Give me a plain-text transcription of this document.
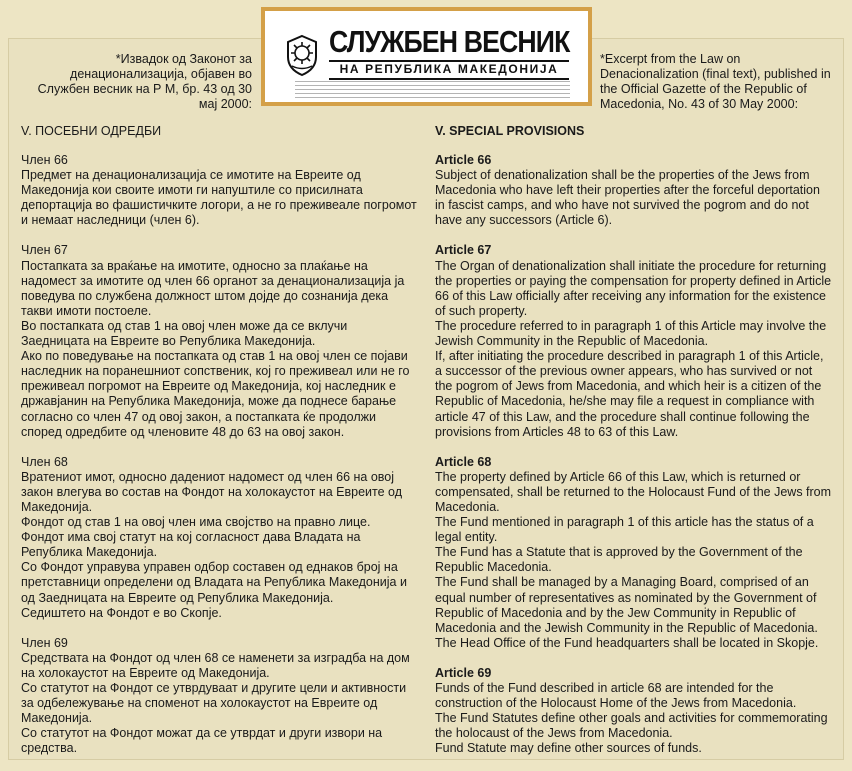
СЛУЖБЕН ВЕСНИК
НА РЕПУБЛИКА МАКЕДОНИЈА
*Извадок од Законот за денационализација, објавен во Службен весник на Р М, бр. 43 од 30 мај 2000:
*Excerpt from the Law on Denacionalization (final text), published in the Official Gazette of the Republic of Macedonia, No. 43 of 30 May 2000:
V. ПОСЕБНИ ОДРЕДБИ
Член 66
Предмет на денационализација се имотите на Евреите од Македонија кои своите имоти ги напуштиле со присилната депортација во фашистичките логори, а не го преживеале погромот и немаат наследници (член 6).
Член 67
Постапката за враќање на имотите, односно за плаќање на надомест за имотите од член 66 органот за денационализација ја поведува по службена должност штом дојде до сознанија дека такви имоти постоеле.
Во постапката од став 1 на овој член може да се вклучи Заедницата на Евреите во Република Македонија.
Ако по поведување на постапката од став 1 на овој член се појави наследник на поранешниот сопственик, кој го преживеал или не го преживеал погромот на Евреите од Македонија, кој наследник е државјанин на Република Македонија, може да поднесе барање согласно со член 47 од овој закон, а постапката ќе продолжи според одредбите од членовите 48 до 63 на овој закон.
Член 68
Вратениот имот, односно дадениот надомест од член 66 на овој закон влегува во состав на Фондот на холокаустот на Евреите од Македонија.
Фондот од став 1 на овој член има својство на правно лице.
Фондот има свој статут на кој согласност дава Владата на Република Македонија.
Со Фондот управува управен одбор составен од еднаков број на претставници определени од Владата на Република Македонија и од Заедницата на Евреите од Република Македонија.
Седиштето на Фондот е во Скопје.
Член 69
Средствата на Фондот од член 68 се наменети за изградба на дом на холокаустот на Евреите од Македонија.
Со статутот на Фондот се утврдуваат и другите цели и активности за одбележување на споменот на холокаустот на Евреите од Македонија.
Со статутот на Фондот можат да се утврдат и други извори на средства.
V. SPECIAL PROVISIONS
Article 66
Subject of denationalization shall be the properties of the Jews from Macedonia who have left their properties after the forceful deportation in fascist camps, and who have not survived the pogrom and do not have any successors (Article 6).
Article 67
The Organ of denationalization shall initiate the procedure for returning the properties or paying the compensation for property defined in Article 66 of this Law officially after receiving any information for the existence of such property.
The procedure referred to in paragraph 1 of this Article may involve the Jewish Community in the Republic of Macedonia.
If, after initiating the procedure described in paragraph 1 of this Article, a successor of the previous owner appears, who has survived or not the pogrom of Jews from Macedonia, and which heir is a citizen of the Republic of Macedonia, he/she may file a request in compliance with article 47 of this Law, and the procedure shall continue following the provisions from Articles 48 to 63 of this Law.
Article 68
The property defined by Article 66 of this Law, which is returned or compensated, shall be returned to the Holocaust Fund of the Jews from Macedonia.
The Fund mentioned in paragraph 1 of this article has the status of a legal entity.
The Fund has a Statute that is approved by the Government of the Republic Macedonia.
The Fund shall be managed by a Managing Board, comprised of an equal number of representatives as nominated by the Government of Republic of Macedonia and by the Jew Community in Republic of Macedonia and the Jewish Community in the Republic of Macedonia.
The Head Office of the Fund headquarters shall be located in Skopje.
Article 69
Funds of the Fund described in article 68 are intended for the construction of the Holocaust Home of the Jews from Macedonia.
The Fund Statutes define other goals and activities for commemorating the holocaust of the Jews from Macedonia.
Fund Statute may define other sources of funds.
